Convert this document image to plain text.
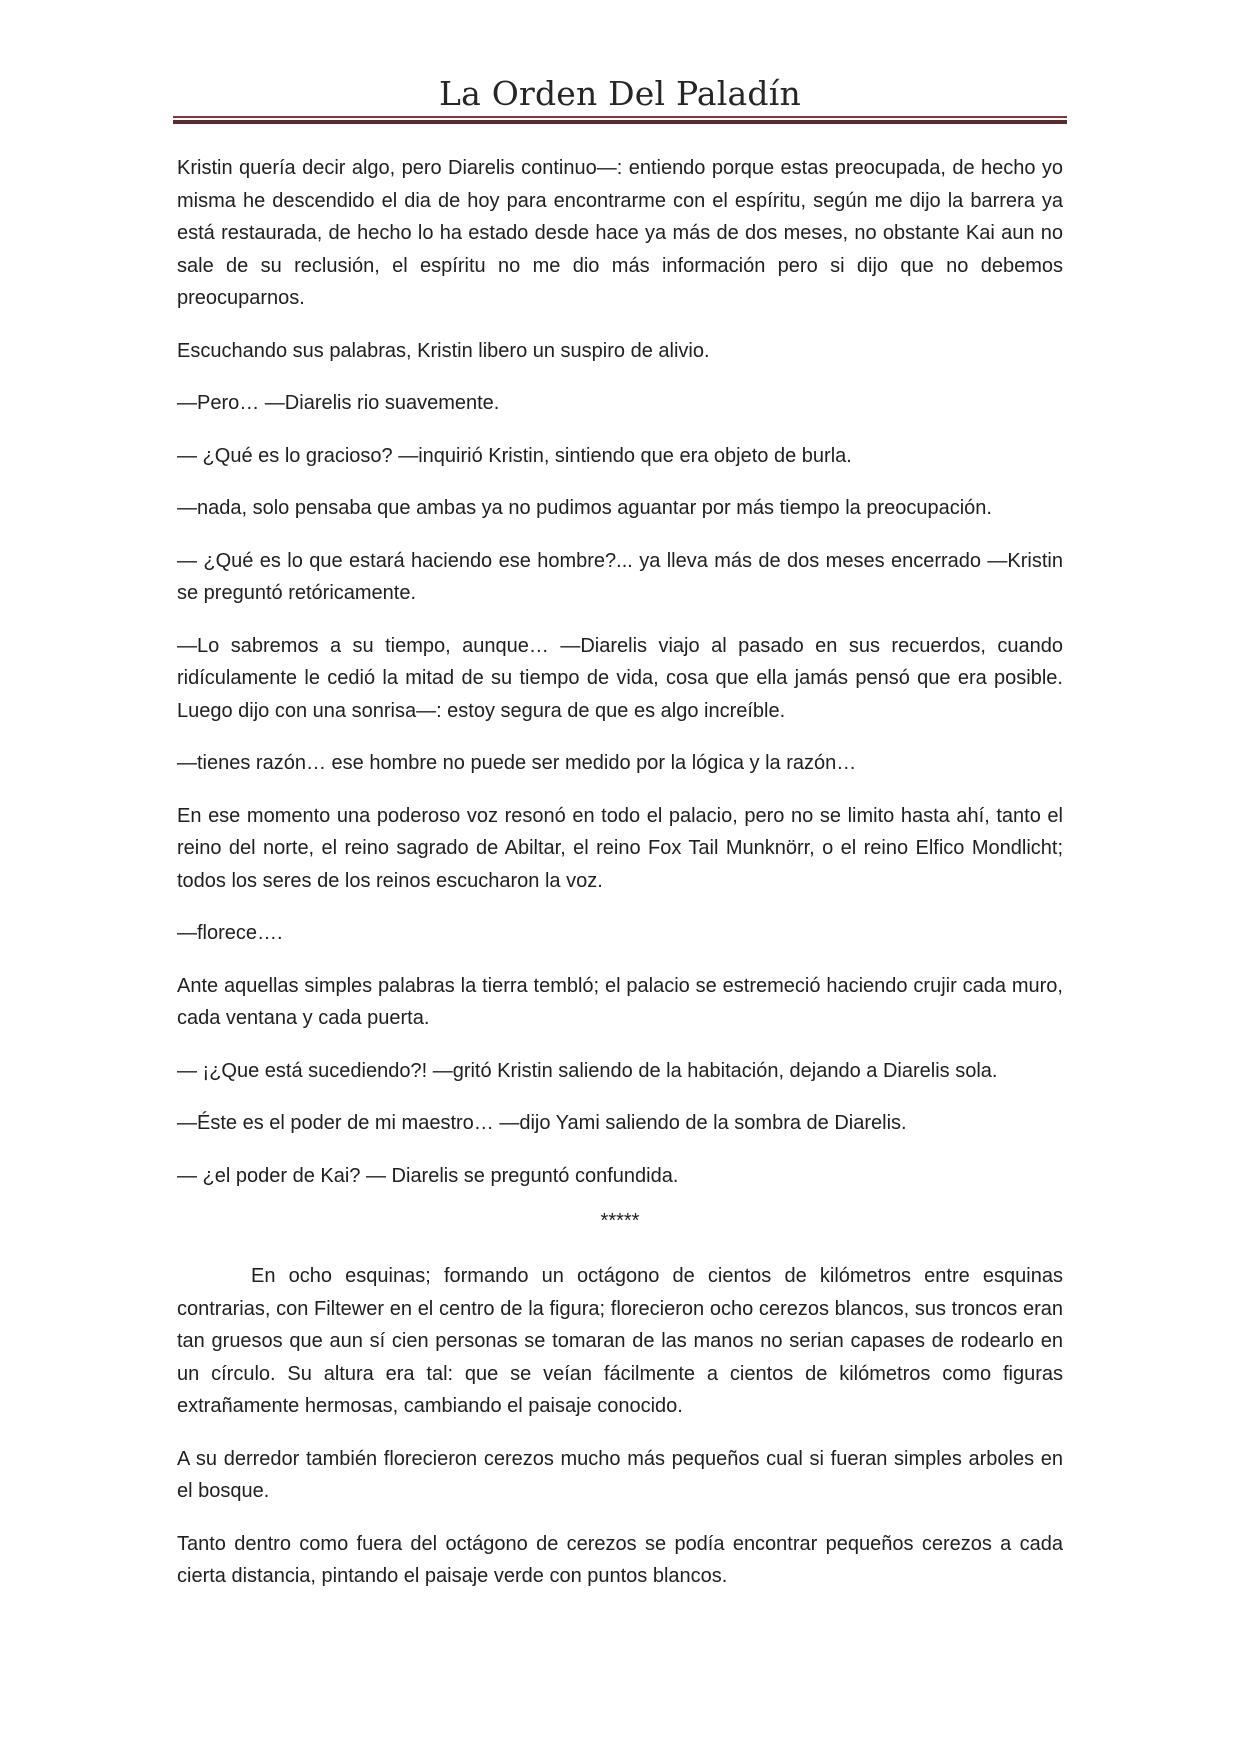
La Orden Del Paladín

Kristin quería decir algo, pero Diarelis continuo—: entiendo porque estas preocupada, de hecho yo misma he descendido el dia de hoy para encontrarme con el espíritu, según me dijo la barrera ya está restaurada, de hecho lo ha estado desde hace ya más de dos meses, no obstante Kai aun no sale de su reclusión, el espíritu no me dio más información pero si dijo que no debemos preocuparnos.

Escuchando sus palabras, Kristin libero un suspiro de alivio.

—Pero… —Diarelis rio suavemente.

— ¿Qué es lo gracioso? —inquirió Kristin, sintiendo que era objeto de burla.

—nada, solo pensaba que ambas ya no pudimos aguantar por más tiempo la preocupación.

— ¿Qué es lo que estará haciendo ese hombre?... ya lleva más de dos meses encerrado —Kristin se preguntó retóricamente.

—Lo sabremos a su tiempo, aunque… —Diarelis viajo al pasado en sus recuerdos, cuando ridículamente le cedió la mitad de su tiempo de vida, cosa que ella jamás pensó que era posible. Luego dijo con una sonrisa—: estoy segura de que es algo increíble.

—tienes razón… ese hombre no puede ser medido por la lógica y la razón…

En ese momento una poderoso voz resonó en todo el palacio, pero no se limito hasta ahí, tanto el reino del norte, el reino sagrado de Abiltar, el reino Fox Tail Munknörr, o el reino Elfico Mondlicht; todos los seres de los reinos escucharon la voz.

—florece….

Ante aquellas simples palabras la tierra tembló; el palacio se estremeció haciendo crujir cada muro, cada ventana y cada puerta.

— ¡¿Que está sucediendo?! —gritó Kristin saliendo de la habitación, dejando a Diarelis sola.

—Éste es el poder de mi maestro… —dijo Yami saliendo de la sombra de Diarelis.

— ¿el poder de Kai? — Diarelis se preguntó confundida.

*****

En ocho esquinas; formando un octágono de cientos de kilómetros entre esquinas contrarias, con Filtewer en el centro de la figura; florecieron ocho cerezos blancos, sus troncos eran tan gruesos que aun sí cien personas se tomaran de las manos no serian capases de rodearlo en un círculo. Su altura era tal: que se veían fácilmente a cientos de kilómetros como figuras extrañamente hermosas, cambiando el paisaje conocido.

A su derredor también florecieron cerezos mucho más pequeños cual si fueran simples arboles en el bosque.

Tanto dentro como fuera del octágono de cerezos se podía encontrar pequeños cerezos a cada cierta distancia, pintando el paisaje verde con puntos blancos.
